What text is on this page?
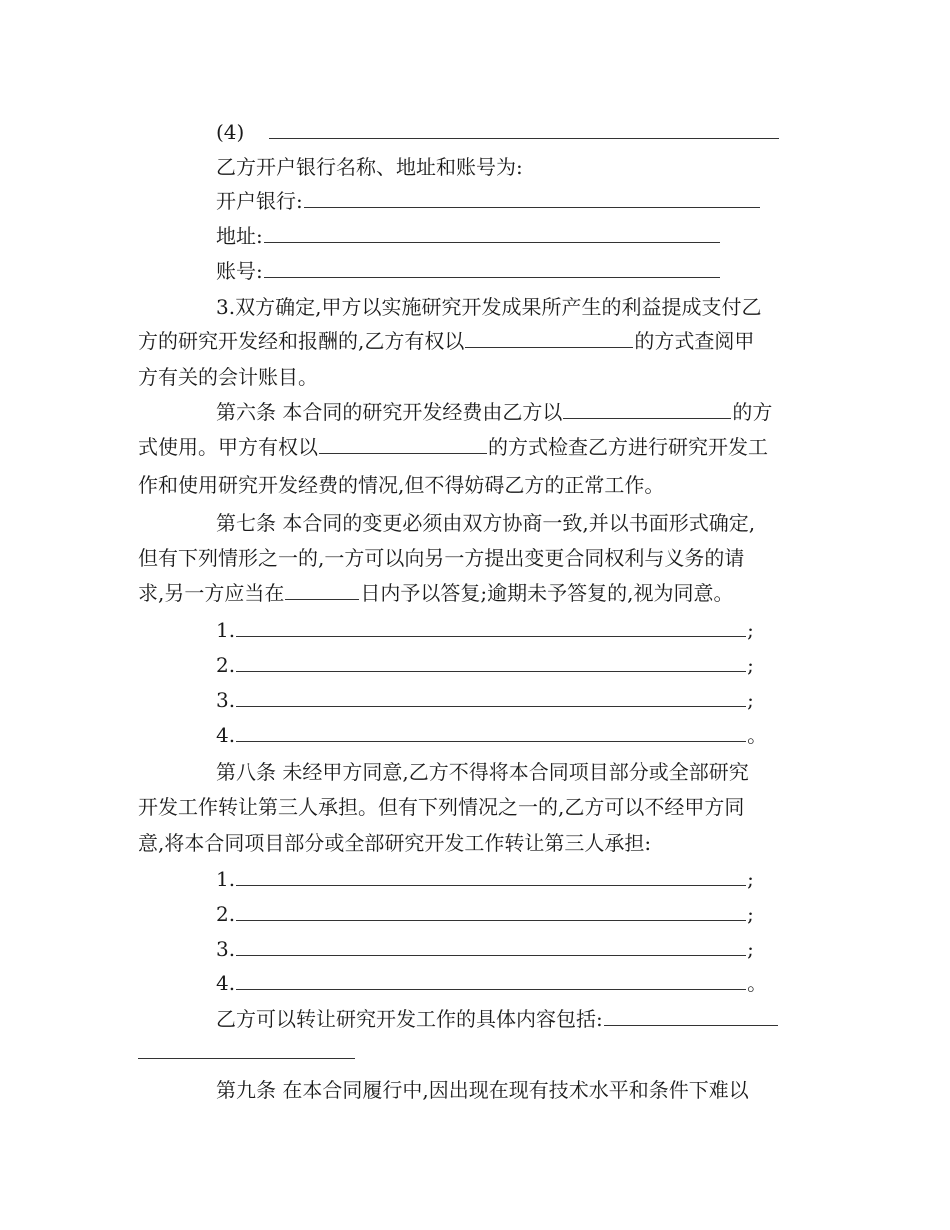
(4)
乙方开户银行名称、地址和账号为:
开户银行:
地址:
账号:
3.双方确定,甲方以实施研究开发成果所产生的利益提成支付乙
方的研究开发经和报酬的,乙方有权以	的方式查阅甲
方有关的会计账目。
第六条 本合同的研究开发经费由乙方以	的方
式使用。甲方有权以	的方式检查乙方进行研究开发工
作和使用研究开发经费的情况,但不得妨碍乙方的正常工作。
第七条 本合同的变更必须由双方协商一致,并以书面形式确定,
但有下列情形之一的,一方可以向另一方提出变更合同权利与义务的请
求,另一方应当在	日内予以答复;逾期未予答复的,视为同意。
1.	;
2.	;
3.	;
4.	。
第八条 未经甲方同意,乙方不得将本合同项目部分或全部研究
开发工作转让第三人承担。但有下列情况之一的,乙方可以不经甲方同
意,将本合同项目部分或全部研究开发工作转让第三人承担:
1.	;
2.	;
3.	;
4.	。
乙方可以转让研究开发工作的具体内容包括:
第九条 在本合同履行中,因出现在现有技术水平和条件下难以
